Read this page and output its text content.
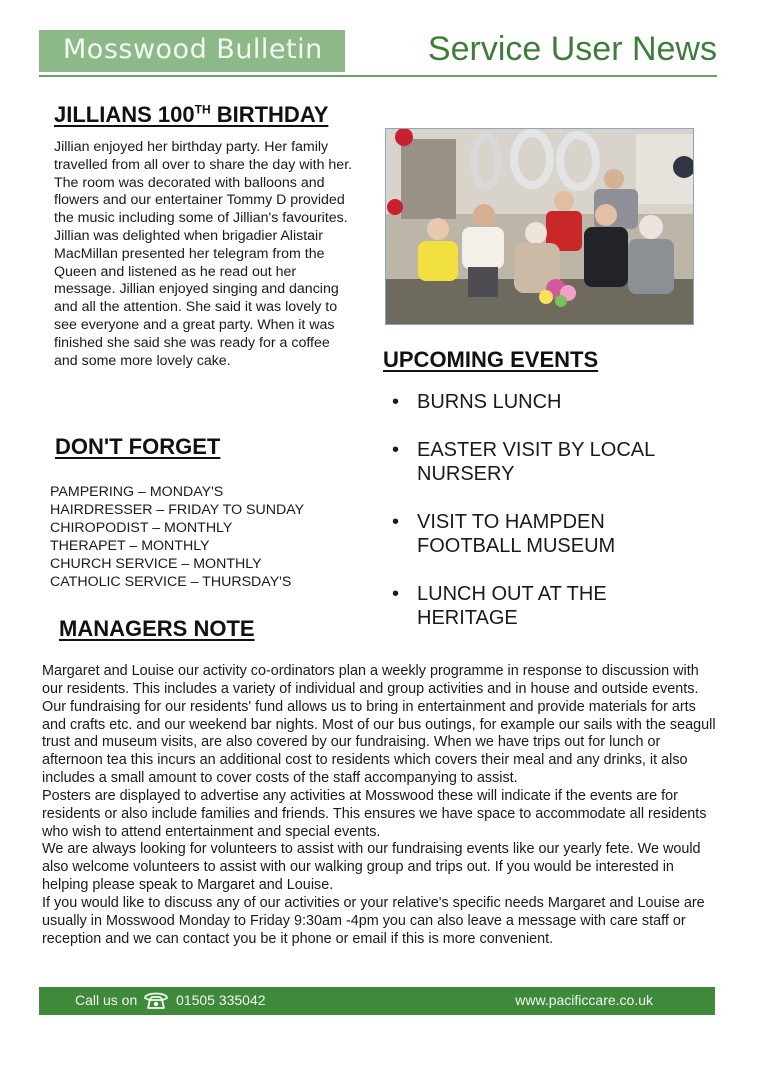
Mosswood Bulletin	Service User News
JILLIANS 100TH BIRTHDAY
Jillian enjoyed her birthday party. Her family travelled from all over to share the day with her. The room was decorated with balloons and flowers and our entertainer Tommy D provided the music including some of Jillian's favourites. Jillian was delighted when brigadier Alistair MacMillan presented her telegram from the Queen and listened as he read out her message. Jillian enjoyed singing and dancing and all the attention. She said it was lovely to see everyone and a great party. When it was finished she said she was ready for a coffee and some more lovely cake.	UPCOMING EVENTS
• BURNS LUNCH
• EASTER VISIT BY LOCAL NURSERY
• VISIT TO HAMPDEN FOOTBALL MUSEUM
• LUNCH OUT AT THE HERITAGE
DON'T FORGET
PAMPERING – MONDAY'S
HAIRDRESSER – FRIDAY TO SUNDAY
CHIROPODIST – MONTHLY
THERAPET – MONTHLY
CHURCH SERVICE – MONTHLY
CATHOLIC SERVICE – THURSDAY'S
MANAGERS NOTE

Margaret and Louise our activity co-ordinators plan a weekly programme in response to discussion with our residents. This includes a variety of individual and group activities and in house and outside events. Our fundraising for our residents' fund allows us to bring in entertainment and provide materials for arts and crafts etc. and our weekend bar nights. Most of our bus outings, for example our sails with the seagull trust and museum visits, are also covered by our fundraising. When we have trips out for lunch or afternoon tea this incurs an additional cost to residents which covers their meal and any drinks, it also includes a small amount to cover costs of the staff accompanying to assist.

Posters are displayed to advertise any activities at Mosswood these will indicate if the events are for residents or also include families and friends. This ensures we have space to accommodate all residents who wish to attend entertainment and special events.

We are always looking for volunteers to assist with our fundraising events like our yearly fete. We would also welcome volunteers to assist with our walking group and trips out. If you would be interested in helping please speak to Margaret and Louise.

If you would like to discuss any of our activities or your relative's specific needs Margaret and Louise are usually in Mosswood Monday to Friday 9:30am -4pm you can also leave a message with care staff or reception and we can contact you be it phone or email if this is more convenient.

Call us on	01505 335042	www.pacificcare.co.uk
